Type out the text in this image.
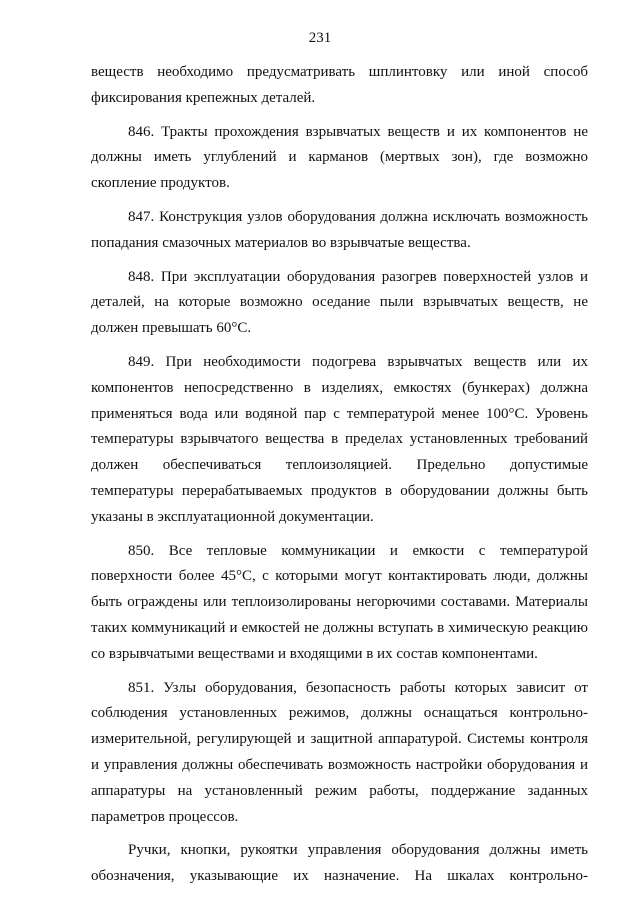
231

веществ необходимо предусматривать шплинтовку или иной способ фиксирования крепежных деталей.

846. Тракты прохождения взрывчатых веществ и их компонентов не должны иметь углублений и карманов (мертвых зон), где возможно скопление продуктов.

847. Конструкция узлов оборудования должна исключать возможность попадания смазочных материалов во взрывчатые вещества.

848. При эксплуатации оборудования разогрев поверхностей узлов и деталей, на которые возможно оседание пыли взрывчатых веществ, не должен превышать 60°С.

849. При необходимости подогрева взрывчатых веществ или их компонентов непосредственно в изделиях, емкостях (бункерах) должна применяться вода или водяной пар с температурой менее 100°С. Уровень температуры взрывчатого вещества в пределах установленных требований должен обеспечиваться теплоизоляцией. Предельно допустимые температуры перерабатываемых продуктов в оборудовании должны быть указаны в эксплуатационной документации.

850. Все тепловые коммуникации и емкости с температурой поверхности более 45°С, с которыми могут контактировать люди, должны быть ограждены или теплоизолированы негорючими составами. Материалы таких коммуникаций и емкостей не должны вступать в химическую реакцию со взрывчатыми веществами и входящими в их состав компонентами.

851. Узлы оборудования, безопасность работы которых зависит от соблюдения установленных режимов, должны оснащаться контрольно-измерительной, регулирующей и защитной аппаратурой. Системы контроля и управления должны обеспечивать возможность настройки оборудования и аппаратуры на установленный режим работы, поддержание заданных параметров процессов.

Ручки, кнопки, рукоятки управления оборудования должны иметь обозначения, указывающие их назначение. На шкалах контрольно-
